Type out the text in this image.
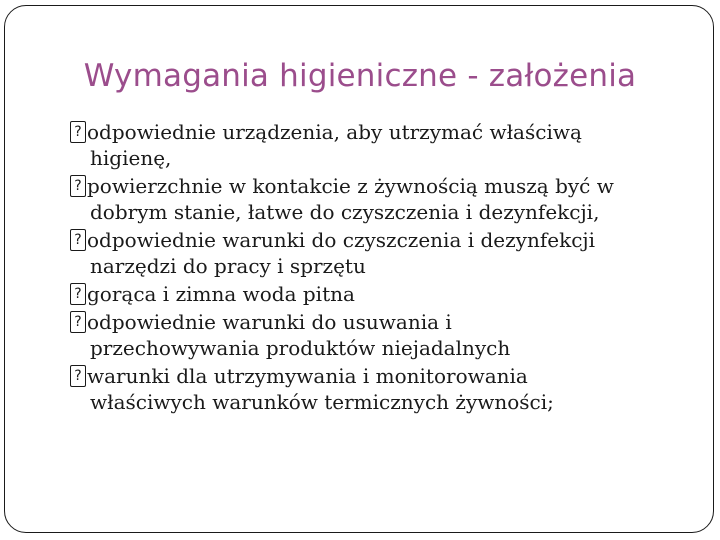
Wymagania higieniczne - założenia
?
odpowiednie urządzenia, aby utrzymać właściwą
higienę,
?
powierzchnie w kontakcie z żywnością muszą być w
dobrym stanie, łatwe do czyszczenia i dezynfekcji,
?
odpowiednie warunki do czyszczenia i dezynfekcji
narzędzi do pracy i sprzętu
?
gorąca i zimna woda pitna
?
odpowiednie warunki do usuwania i
przechowywania produktów niejadalnych
?
warunki dla utrzymywania i monitorowania
właściwych warunków termicznych żywności;
